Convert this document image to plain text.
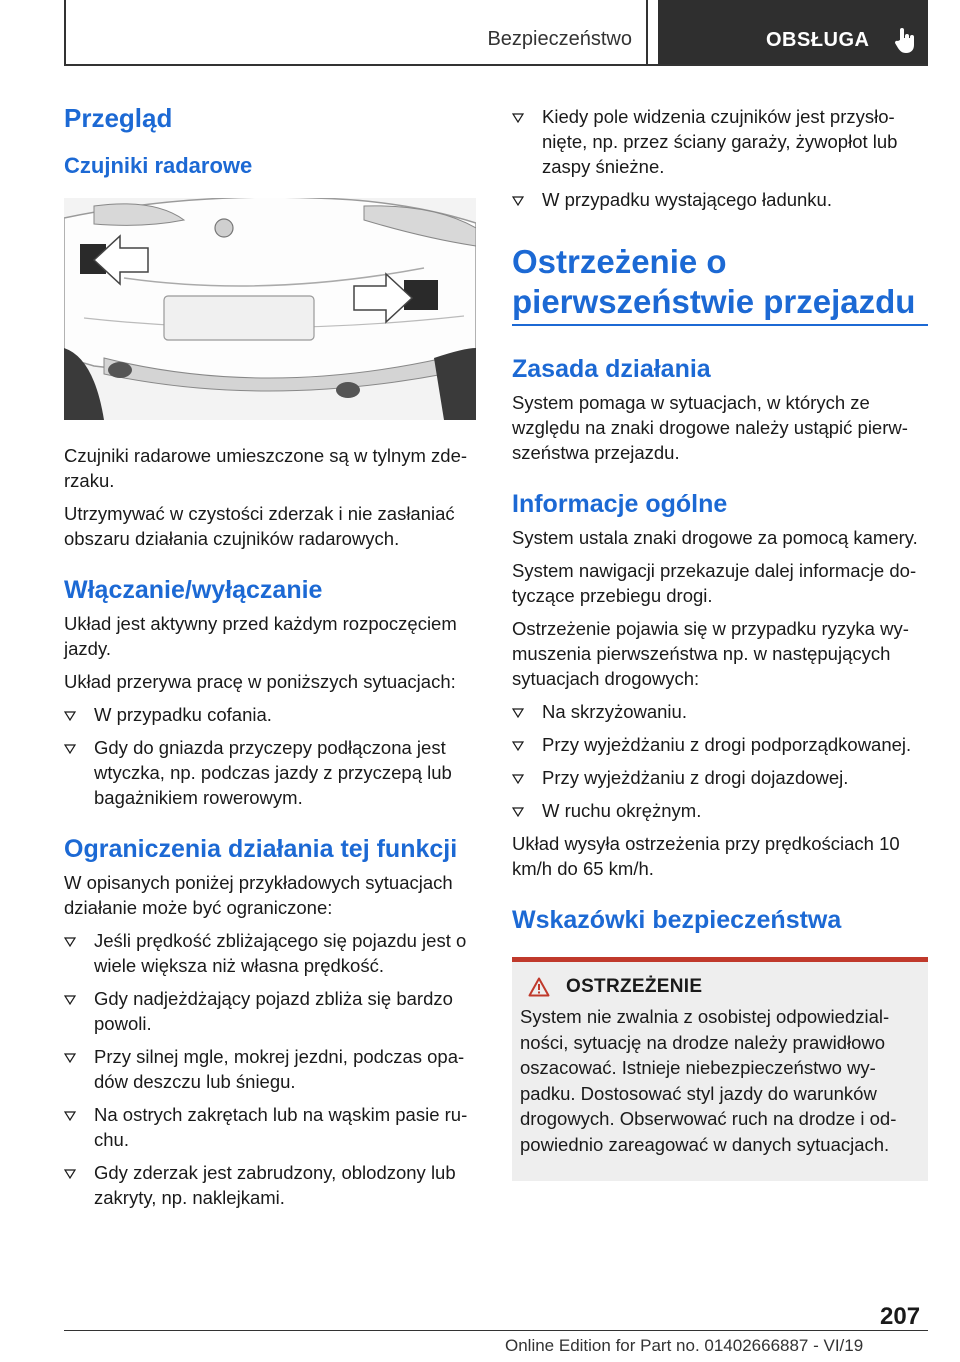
Bezpieczeństwo	OBSŁUGA
Przegląd
Czujniki radarowe

Czujniki radarowe umieszczone są w tylnym zde‐rzaku.

Utrzymywać w czystości zderzak i nie zasłaniać obszaru działania czujników radarowych.

Włączanie/wyłączanie

Układ jest aktywny przed każdym rozpoczęciem jazdy.

Układ przerywa pracę w poniższych sytuacjach:

W przypadku cofania.
Gdy do gniazda przyczepy podłączona jest wtyczka, np. podczas jazdy z przyczepą lub bagażnikiem rowerowym.
Ograniczenia działania tej funkcji

W opisanych poniżej przykładowych sytuacjach działanie może być ograniczone:

Jeśli prędkość zbliżającego się pojazdu jest o wiele większa niż własna prędkość.
Gdy nadjeżdżający pojazd zbliża się bardzo powoli.
Przy silnej mgle, mokrej jezdni, podczas opa‐dów deszczu lub śniegu.
Na ostrych zakrętach lub na wąskim pasie ru‐chu.
Gdy zderzak jest zabrudzony, oblodzony lub zakryty, np. naklejkami.
Kiedy pole widzenia czujników jest przysło‐nięte, np. przez ściany garaży, żywopłot lub zaspy śnieżne.
W przypadku wystającego ładunku.
Ostrzeżenie o pierwszeństwie przejazdu
Zasada działania

System pomaga w sytuacjach, w których ze względu na znaki drogowe należy ustąpić pierw‐szeństwa przejazdu.

Informacje ogólne

System ustala znaki drogowe za pomocą kamery.

System nawigacji przekazuje dalej informacje do‐tyczące przebiegu drogi.

Ostrzeżenie pojawia się w przypadku ryzyka wy‐muszenia pierwszeństwa np. w następujących sytuacjach drogowych:

Na skrzyżowaniu.
Przy wyjeżdżaniu z drogi podporządkowanej.
Przy wyjeżdżaniu z drogi dojazdowej.
W ruchu okrężnym.

Układ wysyła ostrzeżenia przy prędkościach 10 km/h do 65 km/h.

Wskazówki bezpieczeństwa
OSTRZEŻENIE

System nie zwalnia z osobistej odpowiedzial‐ności, sytuację na drodze należy prawidłowo oszacować. Istnieje niebezpieczeństwo wy‐padku. Dostosować styl jazdy do warunków drogowych. Obserwować ruch na drodze i od‐powiednio zareagować w danych sytuacjach.

207
Online Edition for Part no. 01402666887 - VI/19
